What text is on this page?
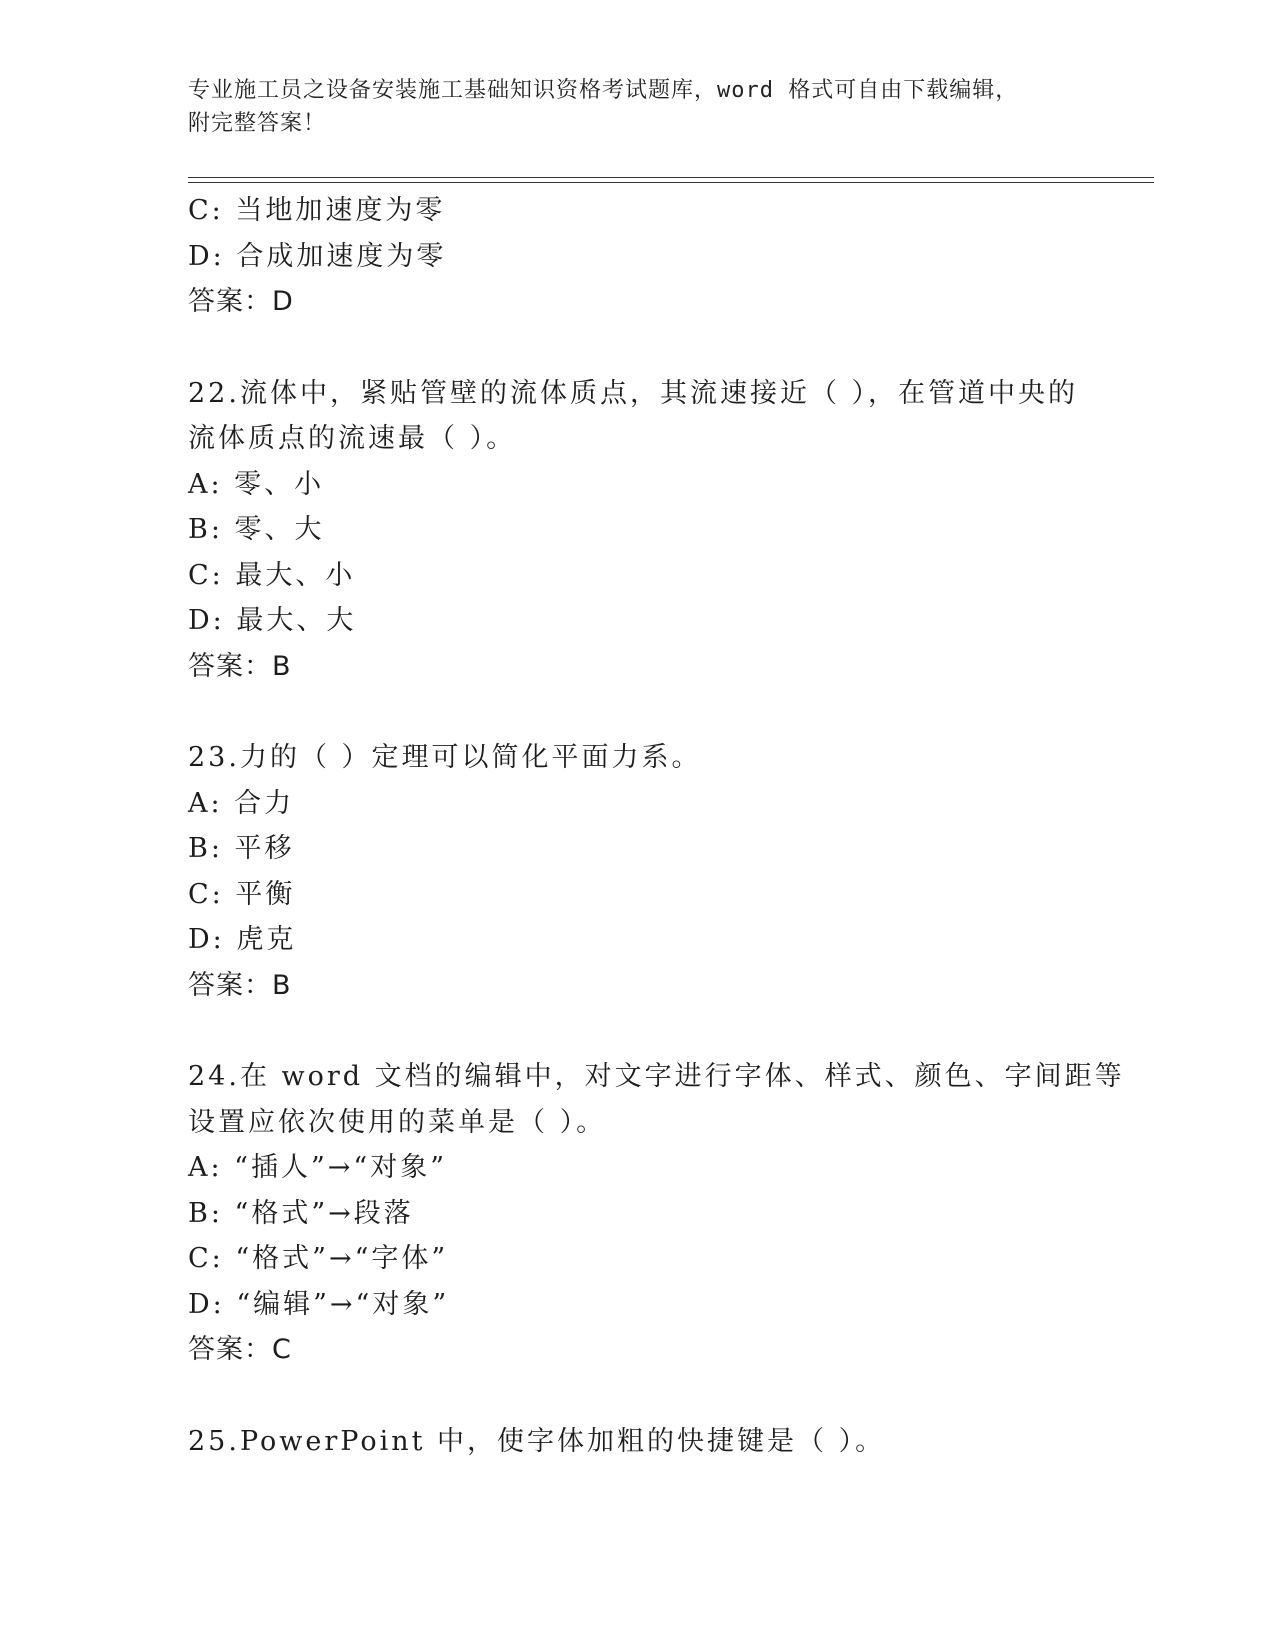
专业施工员之设备安装施工基础知识资格考试题库，word 格式可自由下载编辑，
附完整答案！
C: 当地加速度为零
D: 合成加速度为零
答案：D
22.流体中，紧贴管壁的流体质点，其流速接近（ ），在管道中央的
流体质点的流速最（ ）。
A: 零、小
B: 零、大
C: 最大、小
D: 最大、大
答案：B
23.力的（ ）定理可以简化平面力系。
A: 合力
B: 平移
C: 平衡
D: 虎克
答案：B
24.在 word 文档的编辑中，对文字进行字体、样式、颜色、字间距等
设置应依次使用的菜单是（ ）。
A: “插人”→“对象”
B: “格式”→段落
C: “格式”→“字体”
D: “编辑”→“对象”
答案：C
25.PowerPoint 中，使字体加粗的快捷键是（ ）。
